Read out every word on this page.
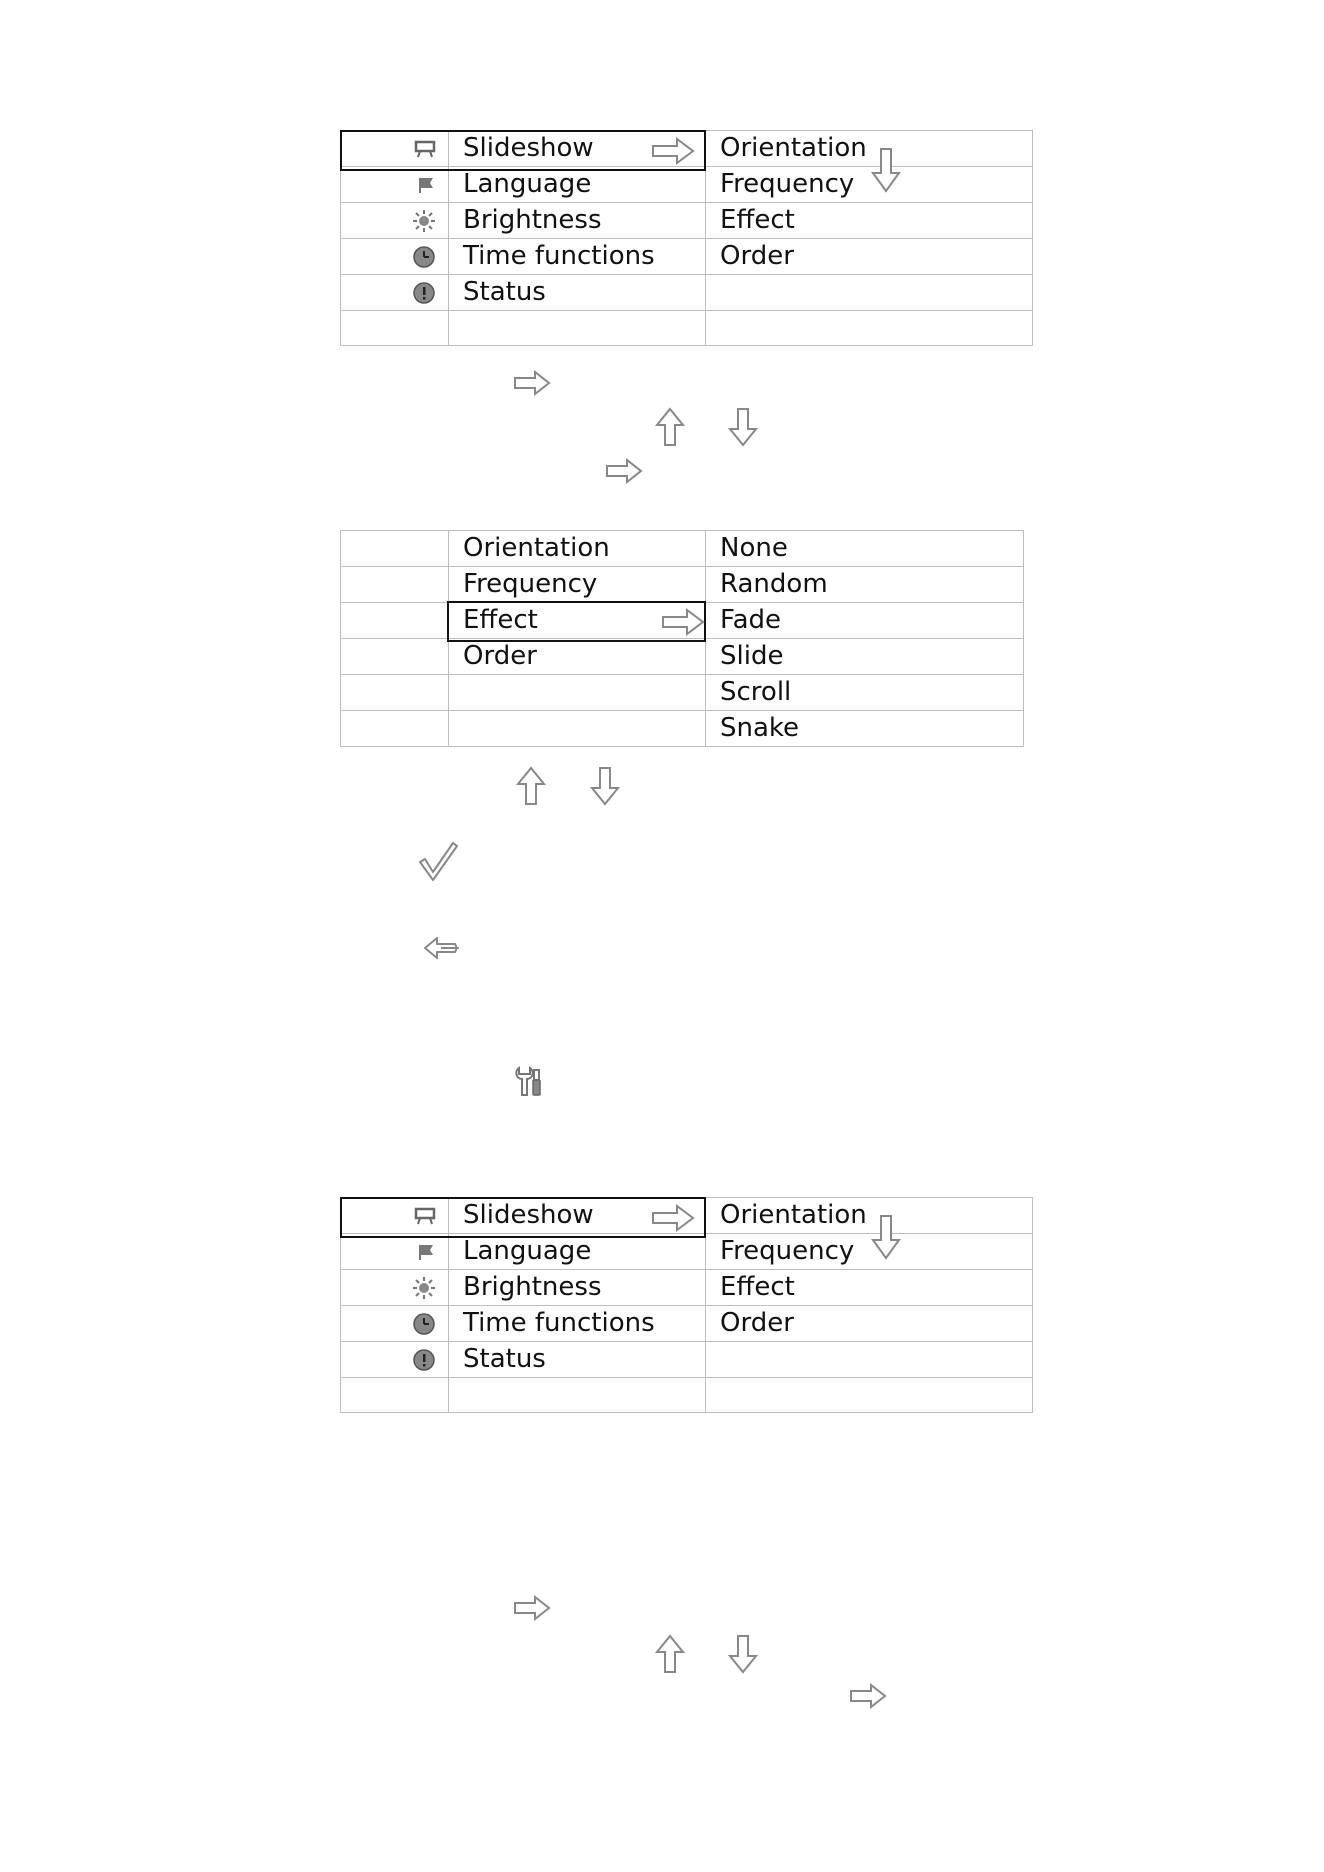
	Slideshow	Orientation
	Language	Frequency
	Brightness	Effect
	Time functions	Order
	Status	

	Orientation	None
	Frequency	Random
	Effect	Fade
	Order	Slide
		Scroll
		Snake
	Slideshow	Orientation
	Language	Frequency
	Brightness	Effect
	Time functions	Order
	Status	
